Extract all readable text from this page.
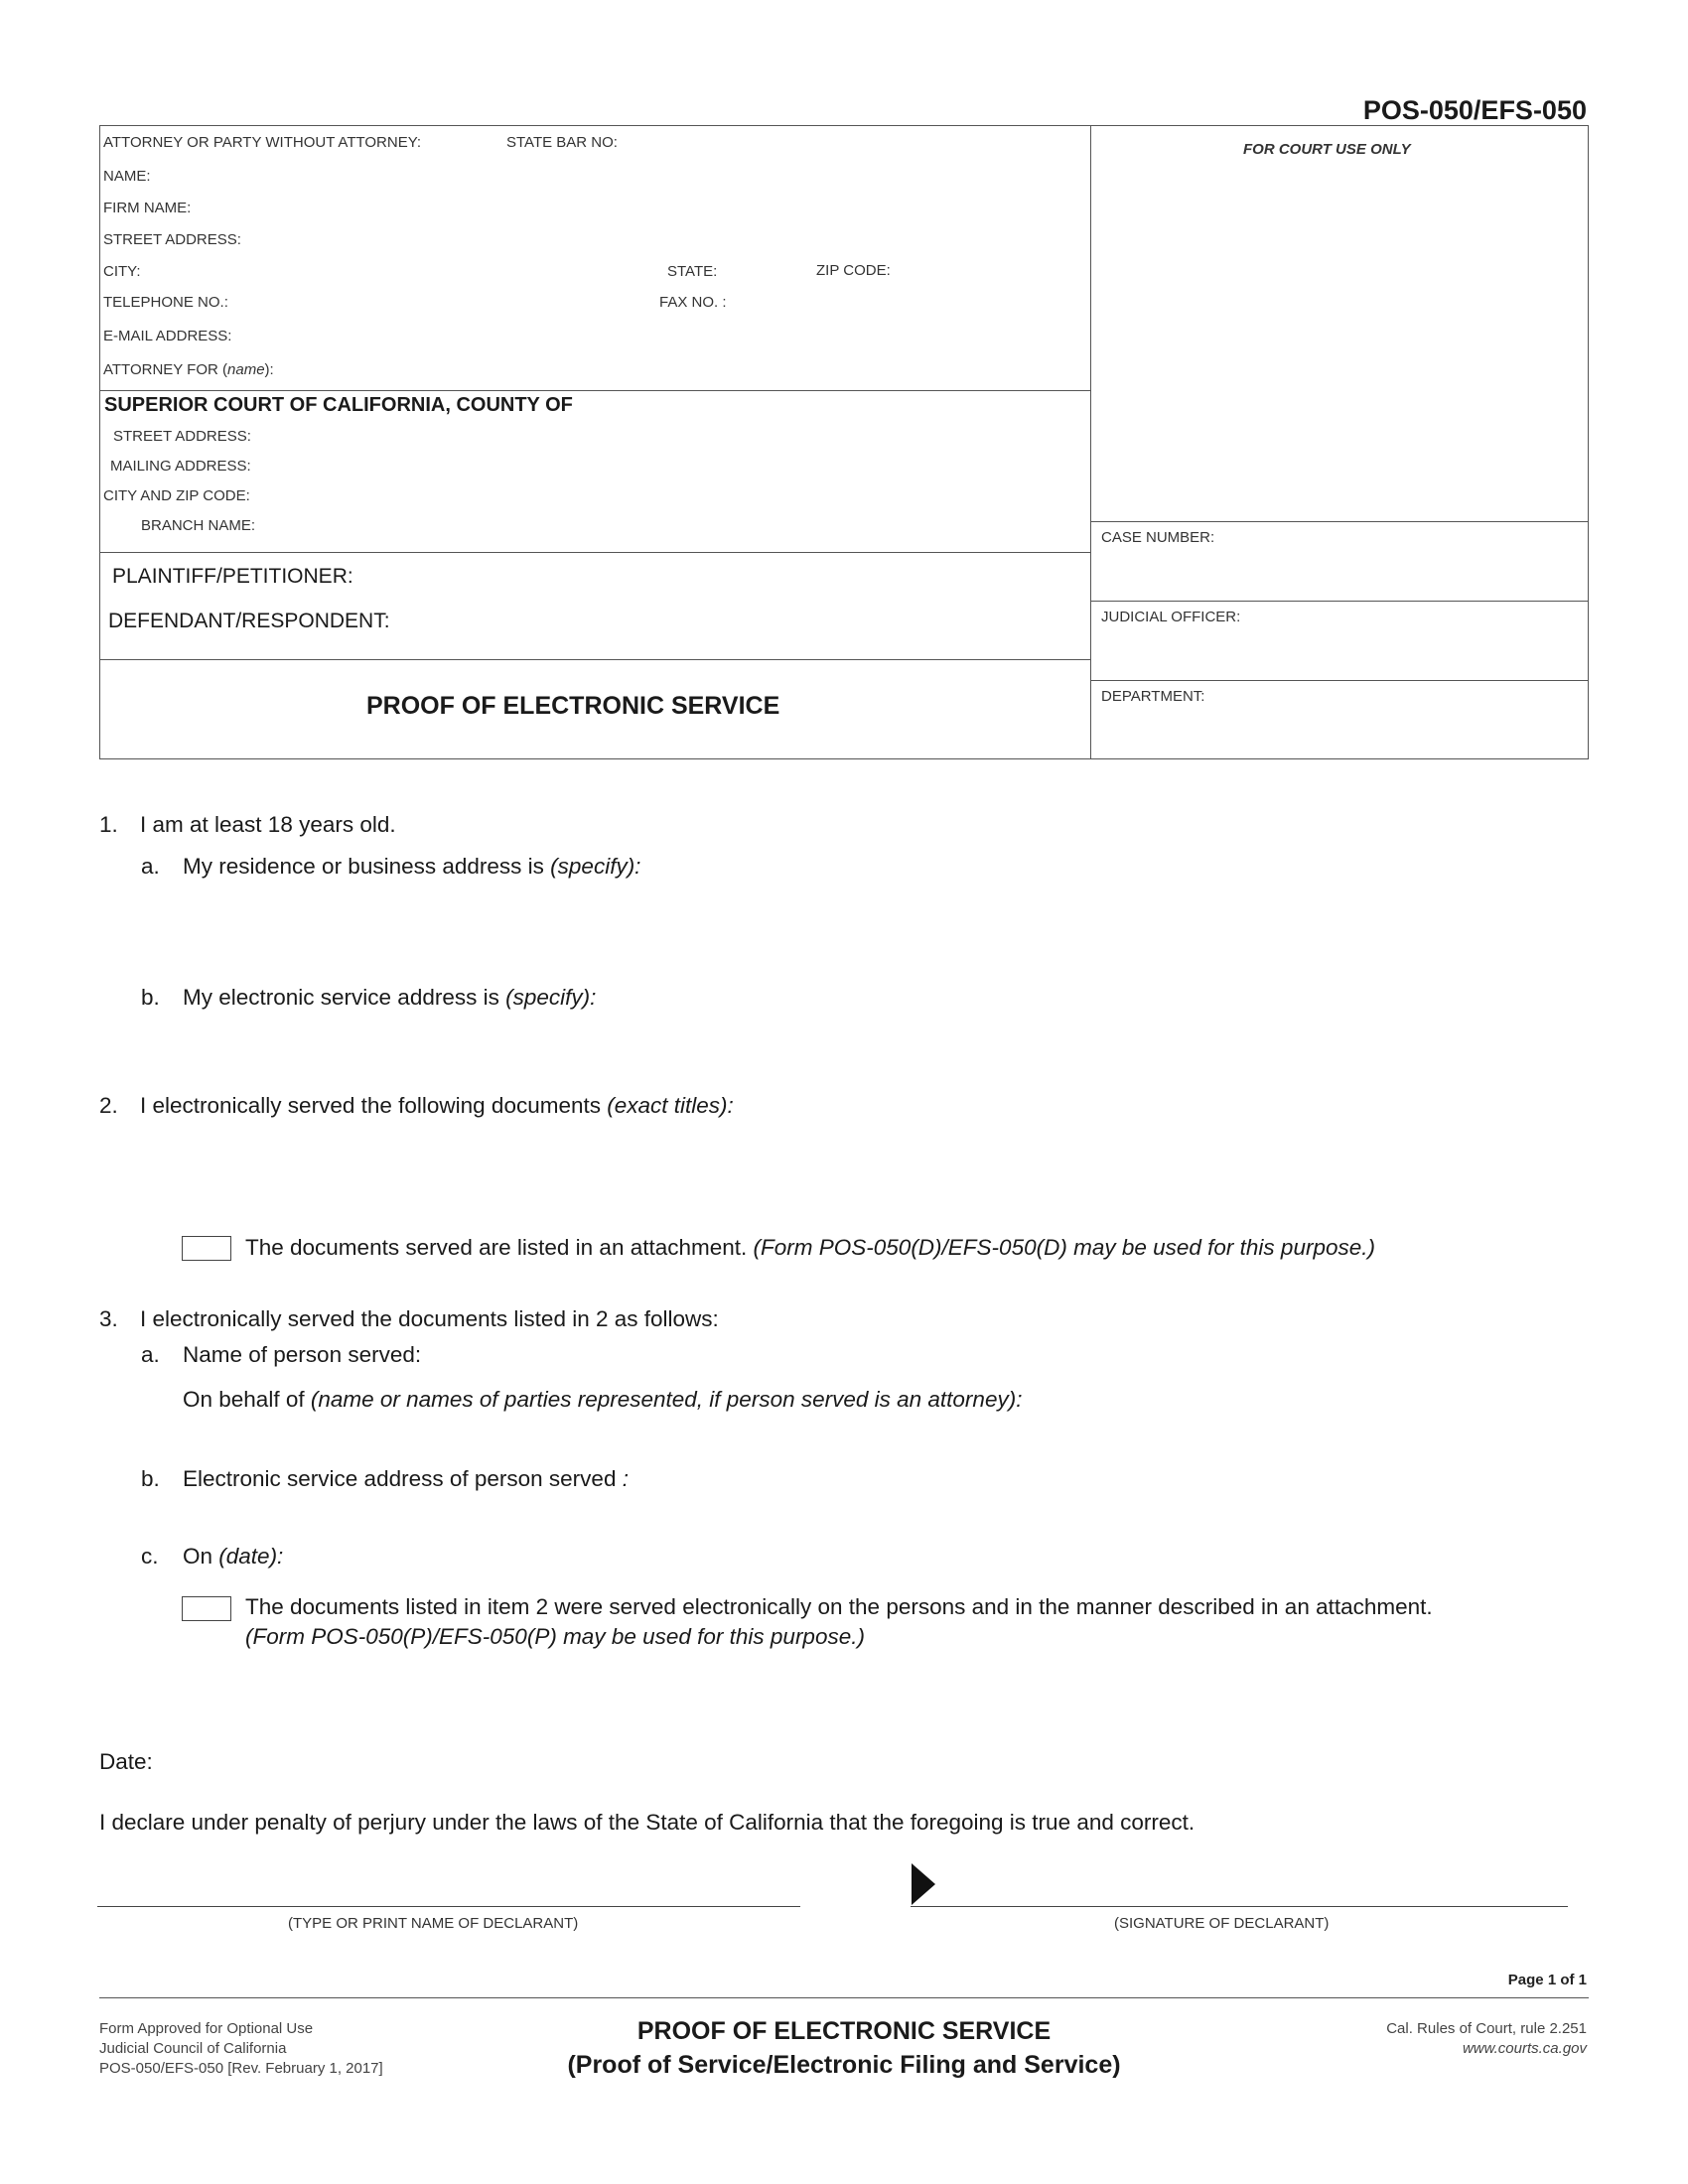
POS-050/EFS-050
ATTORNEY OR PARTY WITHOUT ATTORNEY:	STATE BAR NO:
NAME:
FIRM NAME:
STREET ADDRESS:
CITY:	STATE:	ZIP CODE:
TELEPHONE NO.:	FAX NO. :
E-MAIL ADDRESS:
ATTORNEY FOR (name):
FOR COURT USE ONLY
SUPERIOR COURT OF CALIFORNIA, COUNTY OF
STREET ADDRESS:
MAILING ADDRESS:
CITY AND ZIP CODE:
BRANCH NAME:
PLAINTIFF/PETITIONER:
DEFENDANT/RESPONDENT:
CASE NUMBER:
JUDICIAL OFFICER:
DEPARTMENT:
PROOF OF ELECTRONIC SERVICE
1. I am at least 18 years old.
a. My residence or business address is (specify):
b. My electronic service address is (specify):
2. I electronically served the following documents (exact titles):
The documents served are listed in an attachment. (Form POS-050(D)/EFS-050(D) may be used for this purpose.)
3. I electronically served the documents listed in 2 as follows:
a. Name of person served:
On behalf of (name or names of parties represented, if person served is an attorney):
b. Electronic service address of person served :
c. On (date):
The documents listed in item 2 were served electronically on the persons and in the manner described in an attachment.
(Form POS-050(P)/EFS-050(P) may be used for this purpose.)
Date:
I declare under penalty of perjury under the laws of the State of California that the foregoing is true and correct.
(TYPE OR PRINT NAME OF DECLARANT)	(SIGNATURE OF DECLARANT)
Page 1 of 1
Form Approved for Optional Use
Judicial Council of California
POS-050/EFS-050 [Rev. February 1, 2017]
PROOF OF ELECTRONIC SERVICE
(Proof of Service/Electronic Filing and Service)
Cal. Rules of Court, rule 2.251
www.courts.ca.gov
